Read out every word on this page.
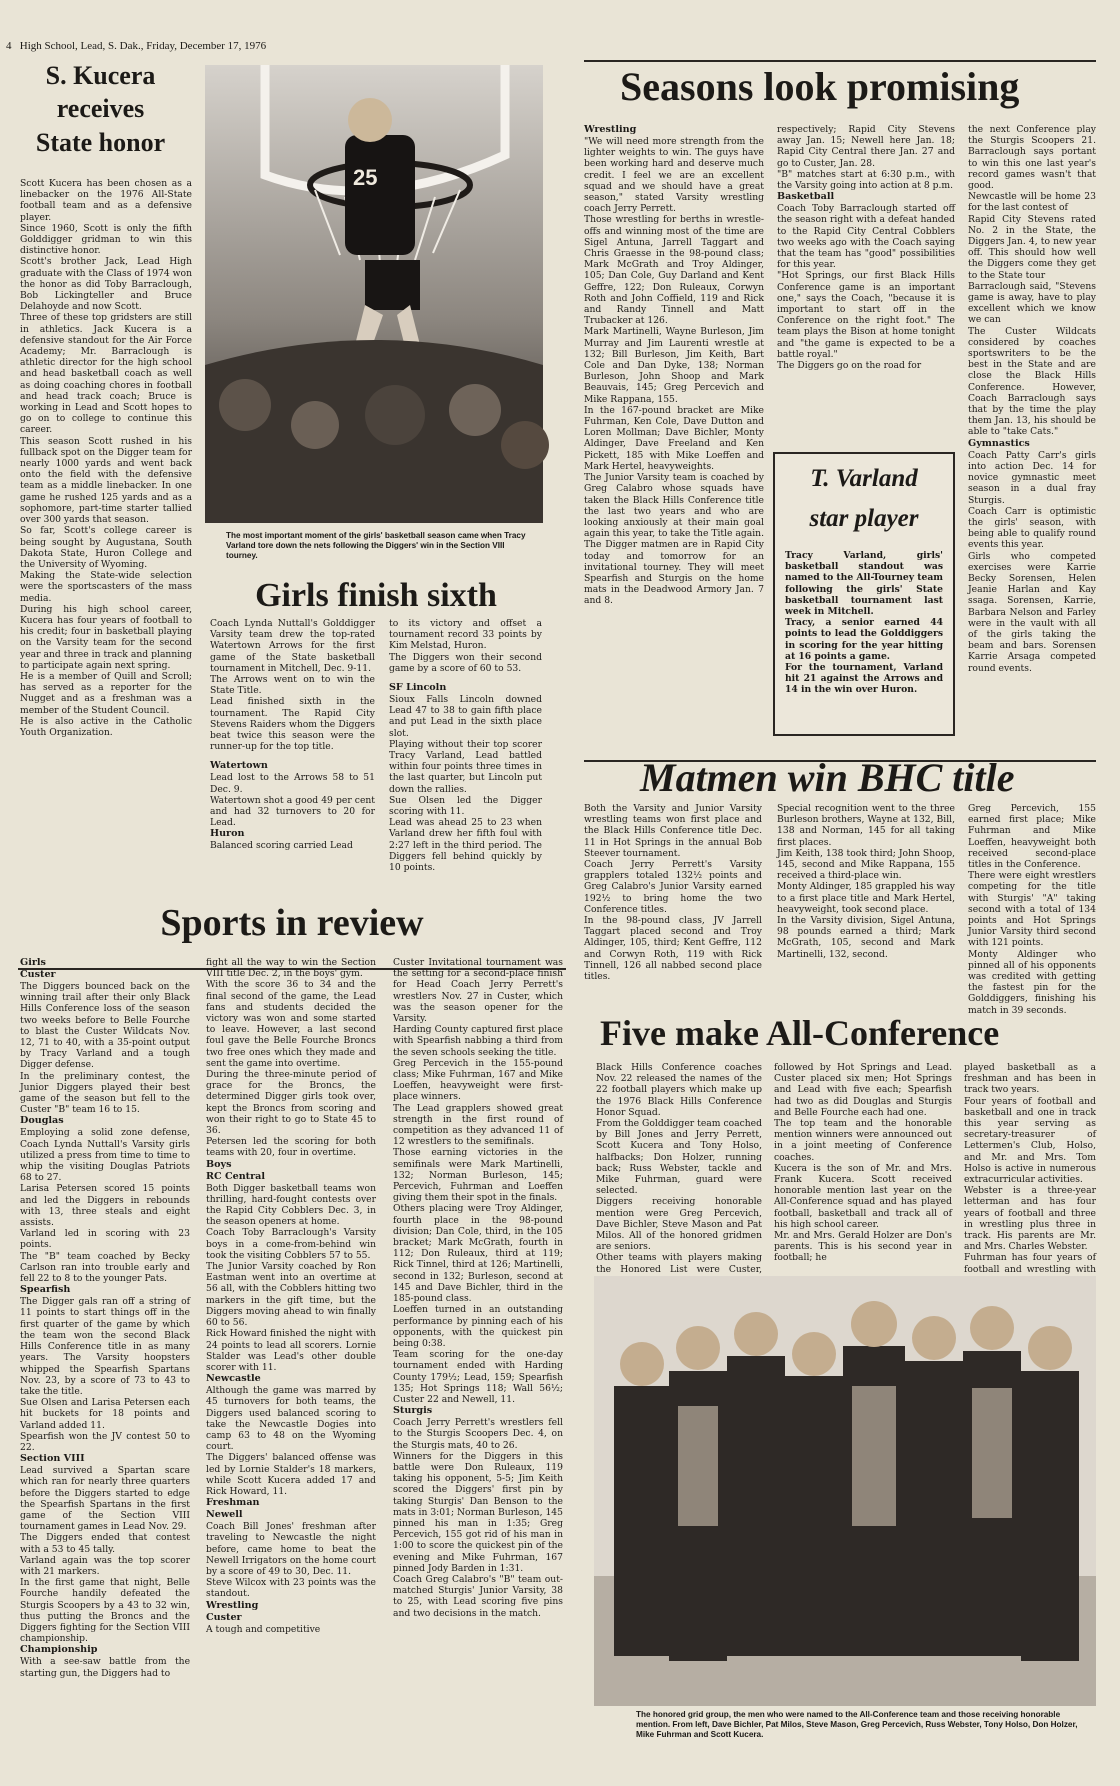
4 High School, Lead, S. Dak., Friday, December 17, 1976
S. Kucera
receives
State honor
Scott Kucera has been chosen as a linebacker on the 1976 All-State football team and as a defensive player.
Since 1960, Scott is only the fifth Golddigger gridman to win this distinctive honor.
Scott's brother Jack, Lead High graduate with the Class of 1974 won the honor as did Toby Barraclough, Bob Lickingteller and Bruce Delahoyde and now Scott.
Three of these top gridsters are still in athletics. Jack Kucera is a defensive standout for the Air Force Academy; Mr. Barraclough is athletic director for the high school and head basketball coach as well as doing coaching chores in football and head track coach; Bruce is working in Lead and Scott hopes to go on to college to continue this career.
This season Scott rushed in his fullback spot on the Digger team for nearly 1000 yards and went back onto the field with the defensive team as a middle linebacker. In one game he rushed 125 yards and as a sophomore, part-time starter tallied over 300 yards that season.
So far, Scott's college career is being sought by Augustana, South Dakota State, Huron College and the University of Wyoming.
Making the State-wide selection were the sportscasters of the mass media.
During his high school career, Kucera has four years of football to his credit; four in basketball playing on the Varsity team for the second year and three in track and planning to participate again next spring.
He is a member of Quill and Scroll; has served as a reporter for the Nugget and as a freshman was a member of the Student Council.
He is also active in the Catholic Youth Organization.
25
The most important moment of the girls' basketball season came when Tracy Varland tore down the nets following the Diggers' win in the Section VIII tourney.
Girls finish sixth
Coach Lynda Nuttall's Golddigger Varsity team drew the top-rated Watertown Arrows for the first game of the State basketball tournament in Mitchell, Dec. 9-11.
The Arrows went on to win the State Title.
Lead finished sixth in the tournament. The Rapid City Stevens Raiders whom the Diggers beat twice this season were the runner-up for the top title.
Watertown
Lead lost to the Arrows 58 to 51 Dec. 9.
Watertown shot a good 49 per cent and had 32 turnovers to 20 for Lead.
Huron
Balanced scoring carried Lead
to its victory and offset a tournament record 33 points by Kim Melstad, Huron.
The Diggers won their second game by a score of 60 to 53.
SF Lincoln
Sioux Falls Lincoln downed Lead 47 to 38 to gain fifth place and put Lead in the sixth place slot.
Playing without their top scorer Tracy Varland, Lead battled within four points three times in the last quarter, but Lincoln put down the rallies.
Sue Olsen led the Digger scoring with 11.
Lead was ahead 25 to 23 when Varland drew her fifth foul with 2:27 left in the third period. The Diggers fell behind quickly by 10 points.
Sports in review
Girls
Custer
The Diggers bounced back on the winning trail after their only Black Hills Conference loss of the season two weeks before to Belle Fourche to blast the Custer Wildcats Nov. 12, 71 to 40, with a 35-point output by Tracy Varland and a tough Digger defense.
In the preliminary contest, the Junior Diggers played their best game of the season but fell to the Custer "B" team 16 to 15.
Douglas
Employing a solid zone defense, Coach Lynda Nuttall's Varsity girls utilized a press from time to time to whip the visiting Douglas Patriots 68 to 27.
Larisa Petersen scored 15 points and led the Diggers in rebounds with 13, three steals and eight assists.
Varland led in scoring with 23 points.
The "B" team coached by Becky Carlson ran into trouble early and fell 22 to 8 to the younger Pats.
Spearfish
The Digger gals ran off a string of 11 points to start things off in the first quarter of the game by which the team won the second Black Hills Conference title in as many years. The Varsity hoopsters whipped the Spearfish Spartans Nov. 23, by a score of 73 to 43 to take the title.
Sue Olsen and Larisa Petersen each hit buckets for 18 points and Varland added 11.
Spearfish won the JV contest 50 to 22.
Section VIII
Lead survived a Spartan scare which ran for nearly three quarters before the Diggers started to edge the Spearfish Spartans in the first game of the Section VIII tournament games in Lead Nov. 29.
The Diggers ended that contest with a 53 to 45 tally.
Varland again was the top scorer with 21 markers.
In the first game that night, Belle Fourche handily defeated the Sturgis Scoopers by a 43 to 32 win, thus putting the Broncs and the Diggers fighting for the Section VIII championship.
Championship
With a see-saw battle from the starting gun, the Diggers had to
fight all the way to win the Section VIII title Dec. 2, in the boys' gym.
With the score 36 to 34 and the final second of the game, the Lead fans and students decided the victory was won and some started to leave. However, a last second foul gave the Belle Fourche Broncs two free ones which they made and sent the game into overtime.
During the three-minute period of grace for the Broncs, the determined Digger girls took over, kept the Broncs from scoring and won their right to go to State 45 to 36.
Petersen led the scoring for both teams with 20, four in overtime.
Boys
RC Central
Both Digger basketball teams won thrilling, hard-fought contests over the Rapid City Cobblers Dec. 3, in the season openers at home.
Coach Toby Barraclough's Varsity boys in a come-from-behind win took the visiting Cobblers 57 to 55.
The Junior Varsity coached by Ron Eastman went into an overtime at 56 all, with the Cobblers hitting two markers in the gift time, but the Diggers moving ahead to win finally 60 to 56.
Rick Howard finished the night with 24 points to lead all scorers. Lornie Stalder was Lead's other double scorer with 11.
Newcastle
Although the game was marred by 45 turnovers for both teams, the Diggers used balanced scoring to take the Newcastle Dogies into camp 63 to 48 on the Wyoming court.
The Diggers' balanced offense was led by Lornie Stalder's 18 markers, while Scott Kucera added 17 and Rick Howard, 11.
Freshman
Newell
Coach Bill Jones' freshman after traveling to Newcastle the night before, came home to beat the Newell Irrigators on the home court by a score of 49 to 30, Dec. 11.
Steve Wilcox with 23 points was the standout.
Wrestling
Custer
A tough and competitive
Custer Invitational tournament was the setting for a second-place finish for Head Coach Jerry Perrett's wrestlers Nov. 27 in Custer, which was the season opener for the Varsity.
Harding County captured first place with Spearfish nabbing a third from the seven schools seeking the title.
Greg Percevich in the 155-pound class; Mike Fuhrman, 167 and Mike Loeffen, heavyweight were first-place winners.
The Lead grapplers showed great strength in the first round of competition as they advanced 11 of 12 wrestlers to the semifinals.
Those earning victories in the semifinals were Mark Martinelli, 132; Norman Burleson, 145; Percevich, Fuhrman and Loeffen giving them their spot in the finals.
Others placing were Troy Aldinger, fourth place in the 98-pound division; Dan Cole, third, in the 105 bracket; Mark McGrath, fourth in 112; Don Ruleaux, third at 119; Rick Tinnel, third at 126; Martinelli, second in 132; Burleson, second at 145 and Dave Bichler, third in the 185-pound class.
Loeffen turned in an outstanding performance by pinning each of his opponents, with the quickest pin being 0:38.
Team scoring for the one-day tournament ended with Harding County 179½; Lead, 159; Spearfish 135; Hot Springs 118; Wall 56½; Custer 22 and Newell, 11.
Sturgis
Coach Jerry Perrett's wrestlers fell to the Sturgis Scoopers Dec. 4, on the Sturgis mats, 40 to 26.
Winners for the Diggers in this battle were Don Ruleaux, 119 taking his opponent, 5-5; Jim Keith scored the Diggers' first pin by taking Sturgis' Dan Benson to the mats in 3:01; Norman Burleson, 145 pinned his man in 1:35; Greg Percevich, 155 got rid of his man in 1:00 to score the quickest pin of the evening and Mike Fuhrman, 167 pinned Jody Barden in 1:31.
Coach Greg Calabro's "B" team out-matched Sturgis' Junior Varsity, 38 to 25, with Lead scoring five pins and two decisions in the match.
Seasons look promising
Wrestling
"We will need more strength from the lighter weights to win. The guys have been working hard and deserve much credit. I feel we are an excellent squad and we should have a great season," stated Varsity wrestling coach Jerry Perrett.
Those wrestling for berths in wrestle-offs and winning most of the time are Sigel Antuna, Jarrell Taggart and Chris Graesse in the 98-pound class; Mark McGrath and Troy Aldinger, 105; Dan Cole, Guy Darland and Kent Geffre, 122; Don Ruleaux, Corwyn Roth and John Coffield, 119 and Rick and Randy Tinnell and Matt Trubacker at 126.
Mark Martinelli, Wayne Burleson, Jim Murray and Jim Laurenti wrestle at 132; Bill Burleson, Jim Keith, Bart Cole and Dan Dyke, 138; Norman Burleson, John Shoop and Mark Beauvais, 145; Greg Percevich and Mike Rappana, 155.
In the 167-pound bracket are Mike Fuhrman, Ken Cole, Dave Dutton and Loren Mollman; Dave Bichler, Monty Aldinger, Dave Freeland and Ken Pickett, 185 with Mike Loeffen and Mark Hertel, heavyweights.
The Junior Varsity team is coached by Greg Calabro whose squads have taken the Black Hills Conference title the last two years and who are looking anxiously at their main goal again this year, to take the Title again.
The Digger matmen are in Rapid City today and tomorrow for an invitational tourney. They will meet Spearfish and Sturgis on the home mats in the Deadwood Armory Jan. 7 and 8.
respectively; Rapid City Stevens away Jan. 15; Newell here Jan. 18; Rapid City Central there Jan. 27 and go to Custer, Jan. 28.
"B" matches start at 6:30 p.m., with the Varsity going into action at 8 p.m.
Basketball
Coach Toby Barraclough started off the season right with a defeat handed to the Rapid City Central Cobblers two weeks ago with the Coach saying that the team has "good" possibilities for this year.
"Hot Springs, our first Black Hills Conference game is an important one," says the Coach, "because it is important to start off in the Conference on the right foot." The team plays the Bison at home tonight and "the game is expected to be a battle royal."
The Diggers go on the road for
the next Conference play the Sturgis Scoopers 21. Barraclough says portant to win this one last year's record games wasn't that good.
Newcastle will be home 23 for the last contest of
Rapid City Stevens rated No. 2 in the State, the Diggers Jan. 4, to new year off. This should how well the Diggers come they get to the State tour
Barraclough said, "Stevens game is away, have to play excellent which we know we can
The Custer Wildcats considered by coaches sportswriters to be the best in the State and are close the Black Hills Conference. However, Coach Barraclough says that by the time the play them Jan. 13, his should be able to "take Cats."
Gymnastics
Coach Patty Carr's girls into action Dec. 14 for novice gymnastic meet season in a dual fray Sturgis.
Coach Carr is optimistic the girls' season, with being able to qualify round events this year.
Girls who competed exercises were Karrie Becky Sorensen, Helen Jeanie Harlan and Kay ssaga. Sorensen, Karrie, Barbara Nelson and Farley were in the vault with all of the girls taking the beam and bars. Sorensen Karrie Arsaga competed round events.
T. Varland
star player
Tracy Varland, girls' basketball standout was named to the All-Tourney team following the girls' State basketball tournament last week in Mitchell.
Tracy, a senior earned 44 points to lead the Golddiggers in scoring for the year hitting at 16 points a game.
For the tournament, Varland hit 21 against the Arrows and 14 in the win over Huron.
Matmen win BHC title
Both the Varsity and Junior Varsity wrestling teams won first place and the Black Hills Conference title Dec. 11 in Hot Springs in the annual Bob Steever tournament.
Coach Jerry Perrett's Varsity grapplers totaled 132½ points and Greg Calabro's Junior Varsity earned 192½ to bring home the two Conference titles.
In the 98-pound class, JV Jarrell Taggart placed second and Troy Aldinger, 105, third; Kent Geffre, 112 and Corwyn Roth, 119 with Rick Tinnell, 126 all nabbed second place titles.
Special recognition went to the three Burleson brothers, Wayne at 132, Bill, 138 and Norman, 145 for all taking first places.
Jim Keith, 138 took third; John Shoop, 145, second and Mike Rappana, 155 received a third-place win.
Monty Aldinger, 185 grappled his way to a first place title and Mark Hertel, heavyweight, took second place.
In the Varsity division, Sigel Antuna, 98 pounds earned a third; Mark McGrath, 105, second and Mark Martinelli, 132, second.
Greg Percevich, 155 earned first place; Mike Fuhrman and Mike Loeffen, heavyweight both received second-place titles in the Conference.
There were eight wrestlers competing for the title with Sturgis' "A" taking second with a total of 134 points and Hot Springs Junior Varsity third second with 121 points.
Monty Aldinger who pinned all of his opponents was credited with getting the fastest pin for the Golddiggers, finishing his match in 39 seconds.
Five make All-Conference
Black Hills Conference coaches Nov. 22 released the names of the 22 football players which make up the 1976 Black Hills Conference Honor Squad.
From the Golddigger team coached by Bill Jones and Jerry Perrett, Scott Kucera and Tony Holso, halfbacks; Don Holzer, running back; Russ Webster, tackle and Mike Fuhrman, guard were selected.
Diggers receiving honorable mention were Greg Percevich, Dave Bichler, Steve Mason and Pat Milos. All of the honored gridmen are seniors.
Other teams with players making the Honored List were Custer,
followed by Hot Springs and Lead. Custer placed six men; Hot Springs and Lead with five each; Spearfish had two as did Douglas and Sturgis and Belle Fourche each had one.
The top team and the honorable mention winners were announced out in a joint meeting of Conference coaches.
Kucera is the son of Mr. and Mrs. Frank Kucera. Scott received honorable mention last year on the All-Conference squad and has played football, basketball and track all of his high school career.
Mr. and Mrs. Gerald Holzer are Don's parents. This is his second year in football; he
played basketball as a freshman and has been in track two years.
Four years of football and basketball and one in track this year serving as secretary-treasurer of Lettermen's Club, Holso, and Mr. and Mrs. Tom Holso is active in numerous extracurricular activities.
Webster is a three-year letterman and has four years of football and three in wrestling plus three in track. His parents are Mr. and Mrs. Charles Webster.
Fuhrman has four years of football and wrestling with
The honored grid group, the men who were named to the All-Conference team and those receiving honorable mention. From left, Dave Bichler, Pat Milos, Steve Mason, Greg Percevich, Russ Webster, Tony Holso, Don Holzer, Mike Fuhrman and Scott Kucera.
